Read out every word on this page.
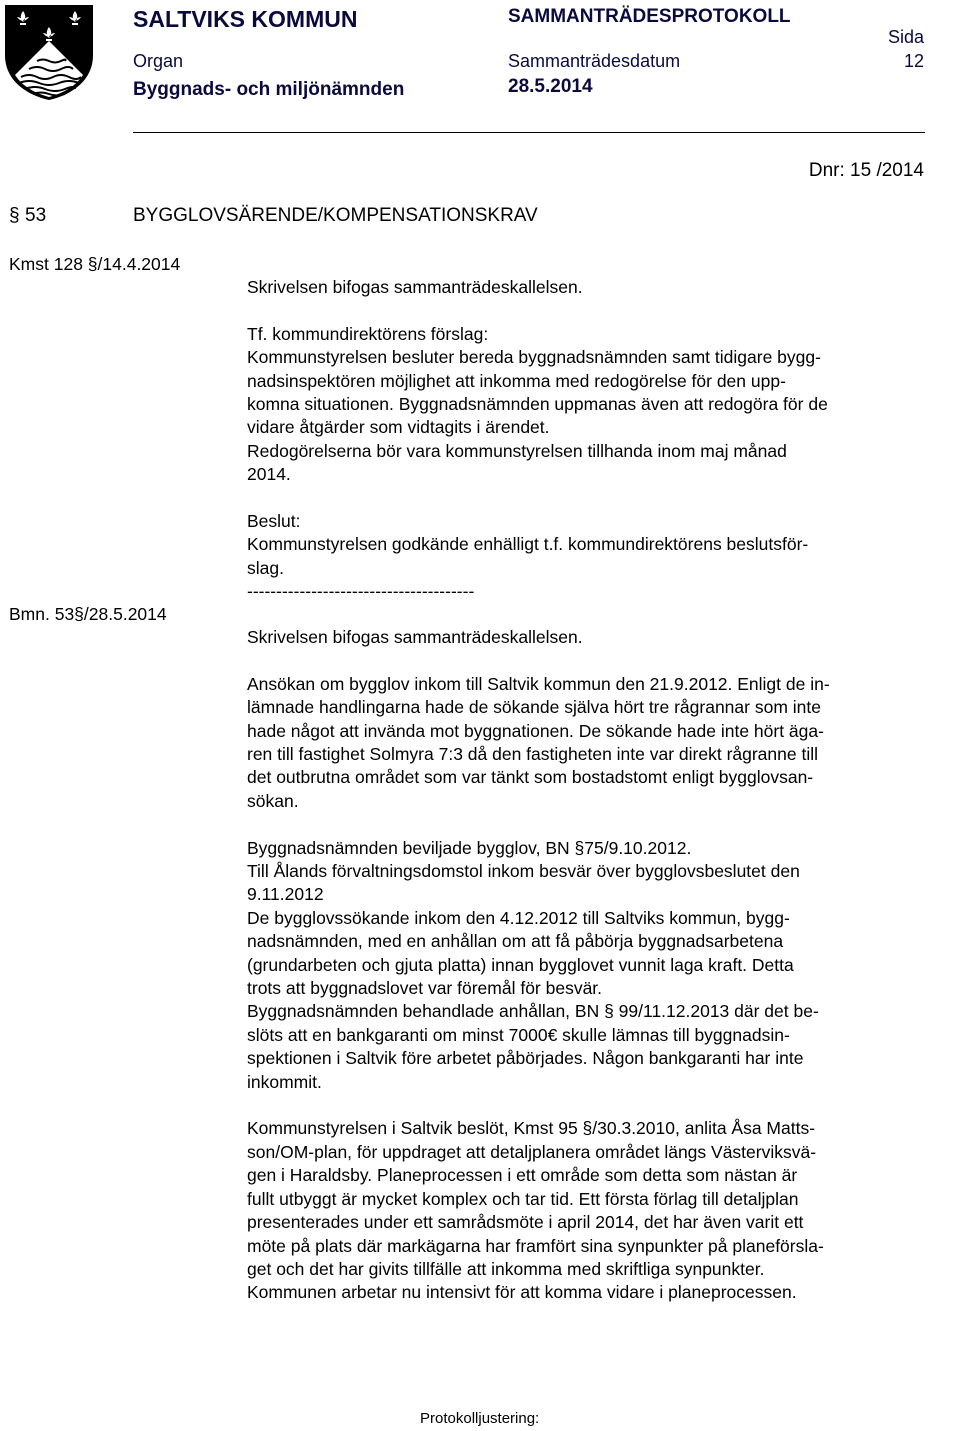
SALTVIKS KOMMUN	SAMMANTRÄDESPROTOKOLL
Sida
12
Organ
Byggnads- och miljönämnden
Sammanträdesdatum
28.5.2014
Dnr: 15 /2014
§ 53	BYGGLOVSÄRENDE/KOMPENSATIONSKRAV
Kmst 128 §/14.4.2014

Skrivelsen bifogas sammanträdeskallelsen.

Tf. kommundirektörens förslag:

Kommunstyrelsen besluter bereda byggnadsnämnden samt tidigare bygg-

nadsinspektören möjlighet att inkomma med redogörelse för den upp-

komna situationen. Byggnadsnämnden uppmanas även att redogöra för de

vidare åtgärder som vidtagits i ärendet.

Redogörelserna bör vara kommunstyrelsen tillhanda inom maj månad

2014.

Beslut:

Kommunstyrelsen godkände enhälligt t.f. kommundirektörens beslutsför-

slag.

---------------------------------------

Bmn. 53§/28.5.2014

Skrivelsen bifogas sammanträdeskallelsen.

Ansökan om bygglov inkom till Saltvik kommun den 21.9.2012. Enligt de in-

lämnade handlingarna hade de sökande själva hört tre rågrannar som inte

hade något att invända mot byggnationen. De sökande hade inte hört äga-

ren till fastighet Solmyra 7:3 då den fastigheten inte var direkt rågranne till

det outbrutna området som var tänkt som bostadstomt enligt bygglovsan-

sökan.

Byggnadsnämnden beviljade bygglov, BN §75/9.10.2012.

Till Ålands förvaltningsdomstol inkom besvär över bygglovsbeslutet den

9.11.2012

De bygglovssökande inkom den 4.12.2012 till Saltviks kommun, bygg-

nadsnämnden, med en anhållan om att få påbörja byggnadsarbetena

(grundarbeten och gjuta platta) innan bygglovet vunnit laga kraft. Detta

trots att byggnadslovet var föremål för besvär.

Byggnadsnämnden behandlade anhållan, BN § 99/11.12.2013 där det be-

slöts att en bankgaranti om minst 7000€ skulle lämnas till byggnadsin-

spektionen i Saltvik före arbetet påbörjades. Någon bankgaranti har inte

inkommit.

Kommunstyrelsen i Saltvik beslöt, Kmst 95 §/30.3.2010, anlita Åsa Matts-

son/OM-plan, för uppdraget att detaljplanera området längs Västerviksvä-

gen i Haraldsby. Planeprocessen i ett område som detta som nästan är

fullt utbyggt är mycket komplex och tar tid. Ett första förlag till detaljplan

presenterades under ett samrådsmöte i april 2014, det har även varit ett

möte på plats där markägarna har framfört sina synpunkter på planeförsla-

get och det har givits tillfälle att inkomma med skriftliga synpunkter.

Kommunen arbetar nu intensivt för att komma vidare i planeprocessen.

Protokolljustering:
